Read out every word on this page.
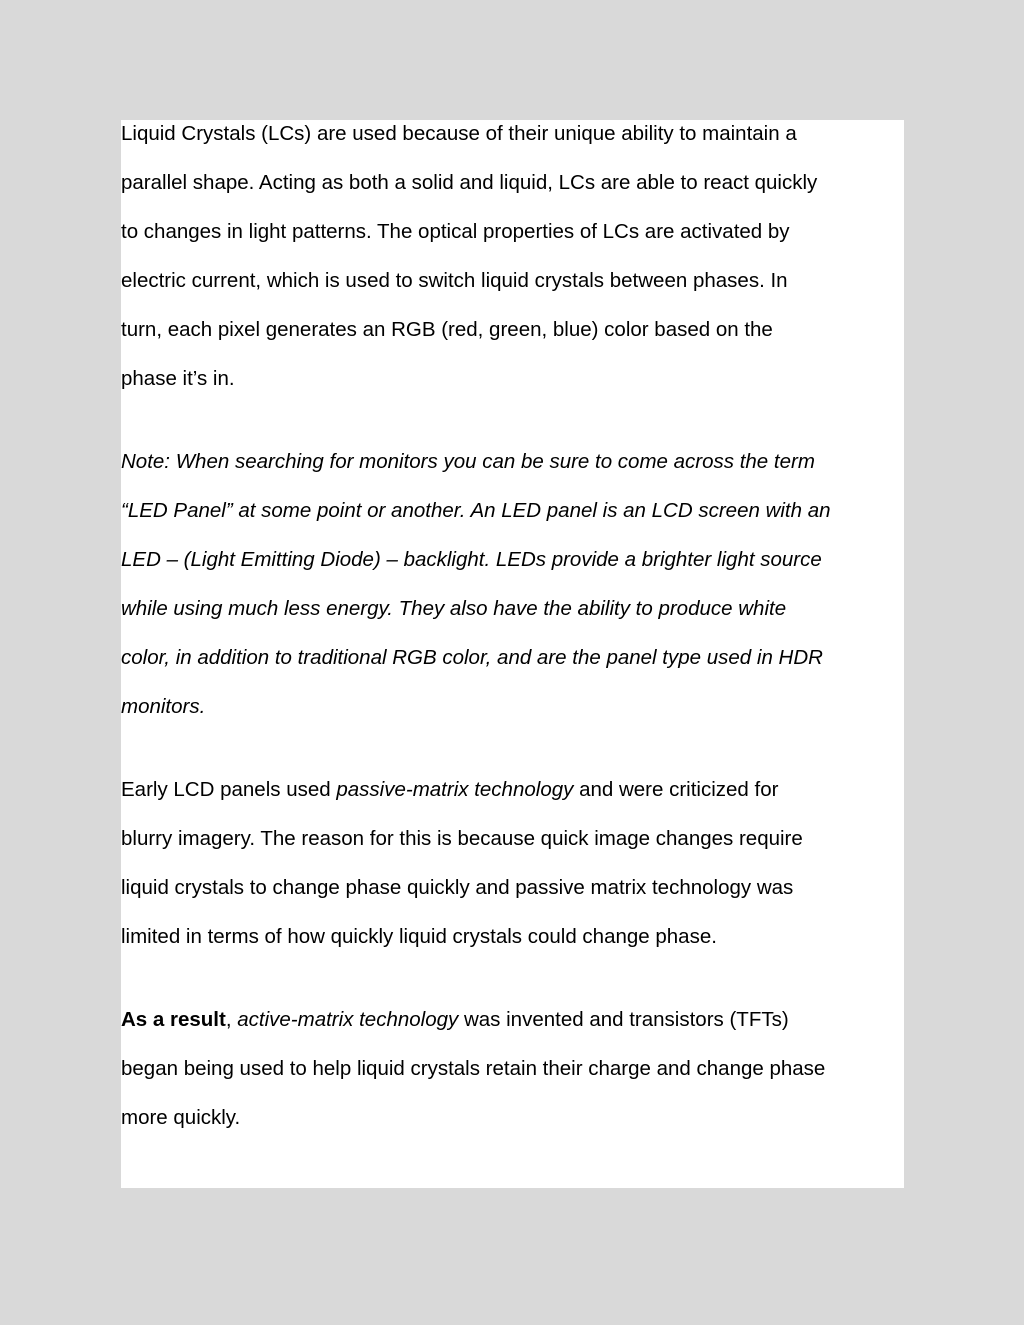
Liquid Crystals (LCs) are used because of their unique ability to maintain a
parallel shape. Acting as both a solid and liquid, LCs are able to react quickly
to changes in light patterns. The optical properties of LCs are activated by
electric current, which is used to switch liquid crystals between phases. In
turn, each pixel generates an RGB (red, green, blue) color based on the
phase it’s in.

Note: When searching for monitors you can be sure to come across the term
“LED Panel” at some point or another. An LED panel is an LCD screen with an
LED – (Light Emitting Diode) – backlight. LEDs provide a brighter light source
while using much less energy. They also have the ability to produce white
color, in addition to traditional RGB color, and are the panel type used in HDR
monitors.

Early LCD panels used passive-matrix technology and were criticized for
blurry imagery. The reason for this is because quick image changes require
liquid crystals to change phase quickly and passive matrix technology was
limited in terms of how quickly liquid crystals could change phase.

As a result, active-matrix technology was invented and transistors (TFTs)
began being used to help liquid crystals retain their charge and change phase
more quickly.
